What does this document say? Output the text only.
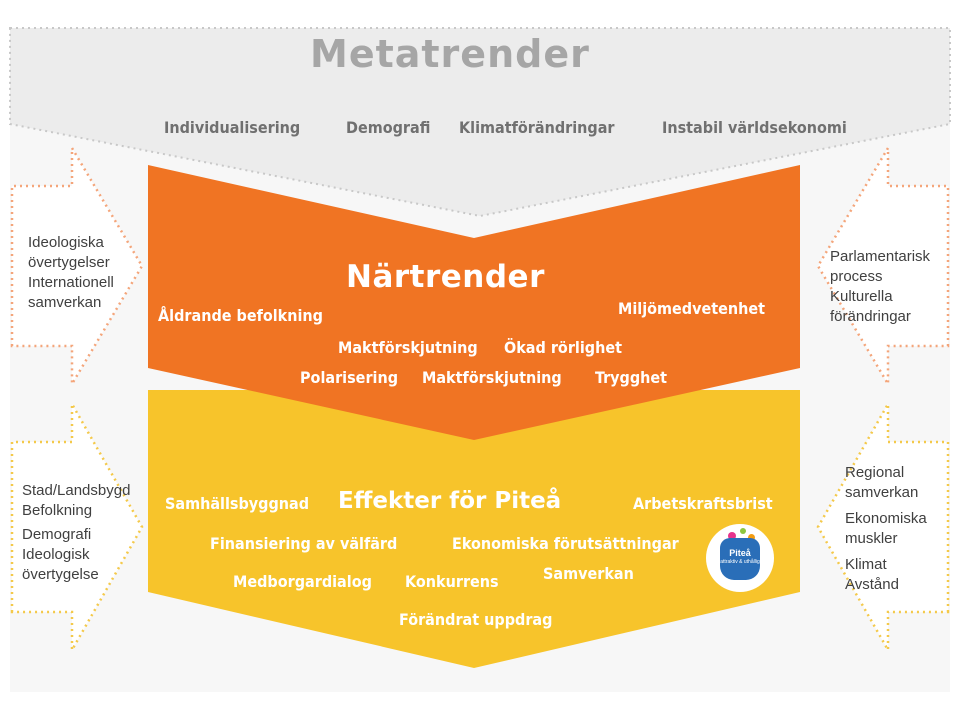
Metatrender
Individualisering	Demografi Klimatförändringar	Instabil världsekonomi
Närtrender
Åldrande befolkning	Miljömedvetenhet
Maktförskjutning Ökad rörlighet
Polarisering Maktförskjutning Trygghet
Effekter för Piteå
Samhällsbyggnad	Arbetskraftsbrist
Finansiering av välfärd	Ekonomiska förutsättningar
Medborgardialog Konkurrens	Samverkan
Förändrat uppdrag
Ideologiska
övertygelser
Internationell
samverkan
Parlamentarisk
process
Kulturella
förändringar
Stad/Landsbygd
Befolkning
Demografi
Ideologisk
övertygelse
Regional
samverkan
Ekonomiska
muskler
Klimat
Avstånd
Piteå
attraktiv & uthållig
